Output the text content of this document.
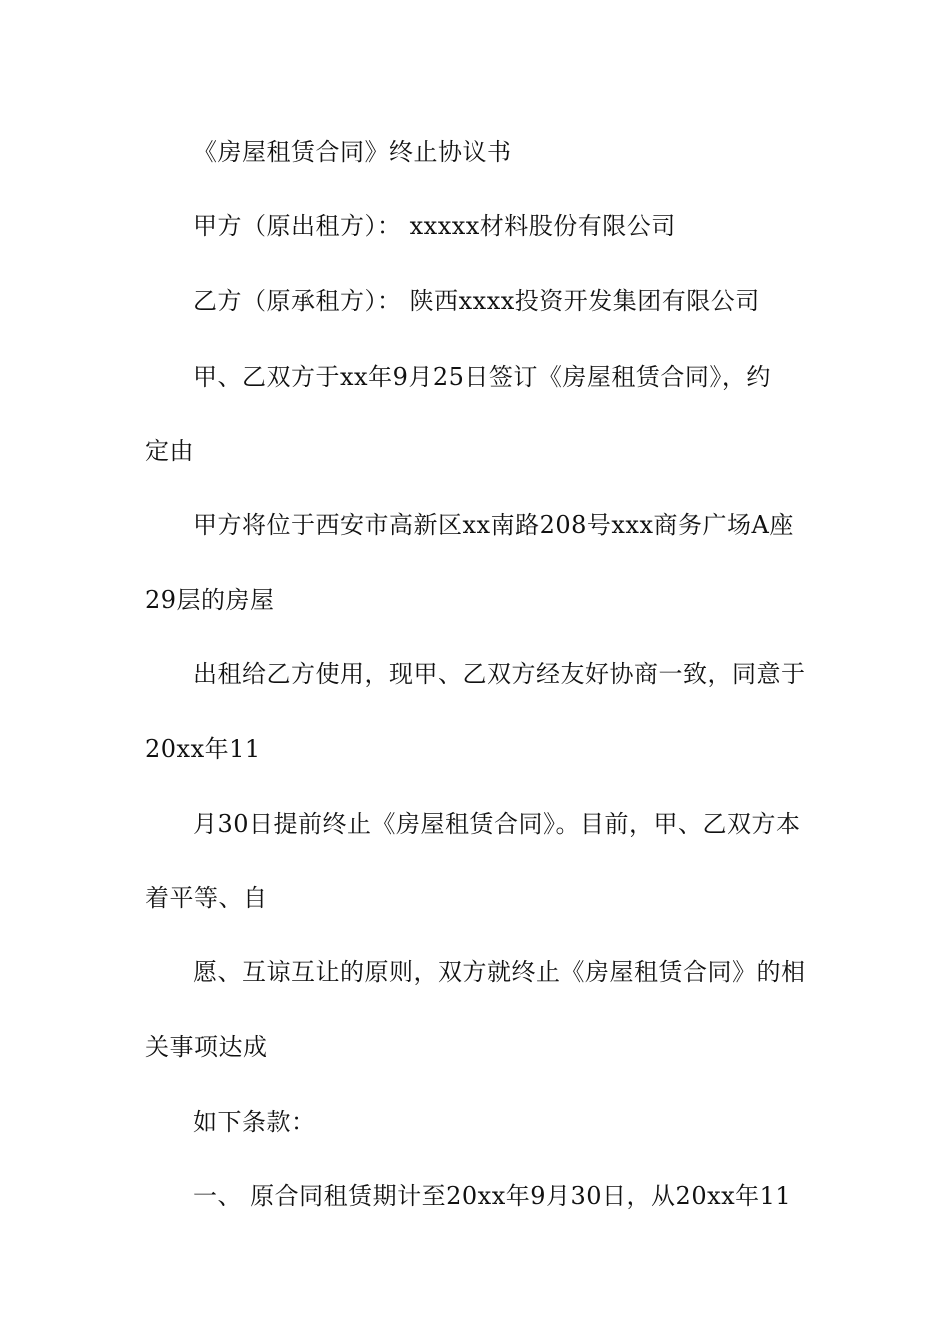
《房屋租赁合同》终止协议书
甲方（原出租方）： xxxxx材料股份有限公司
乙方（原承租方）： 陕西xxxx投资开发集团有限公司
甲、乙双方于xx年9月25日签订《房屋租赁合同》，约
定由
甲方将位于西安市高新区xx南路208号xxx商务广场A座
29层的房屋
出租给乙方使用，现甲、乙双方经友好协商一致，同意于
20xx年11
月30日提前终止《房屋租赁合同》。目前，甲、乙双方本
着平等、自
愿、互谅互让的原则，双方就终止《房屋租赁合同》的相
关事项达成
如下条款：
一、 原合同租赁期计至20xx年9月30日，从20xx年11
